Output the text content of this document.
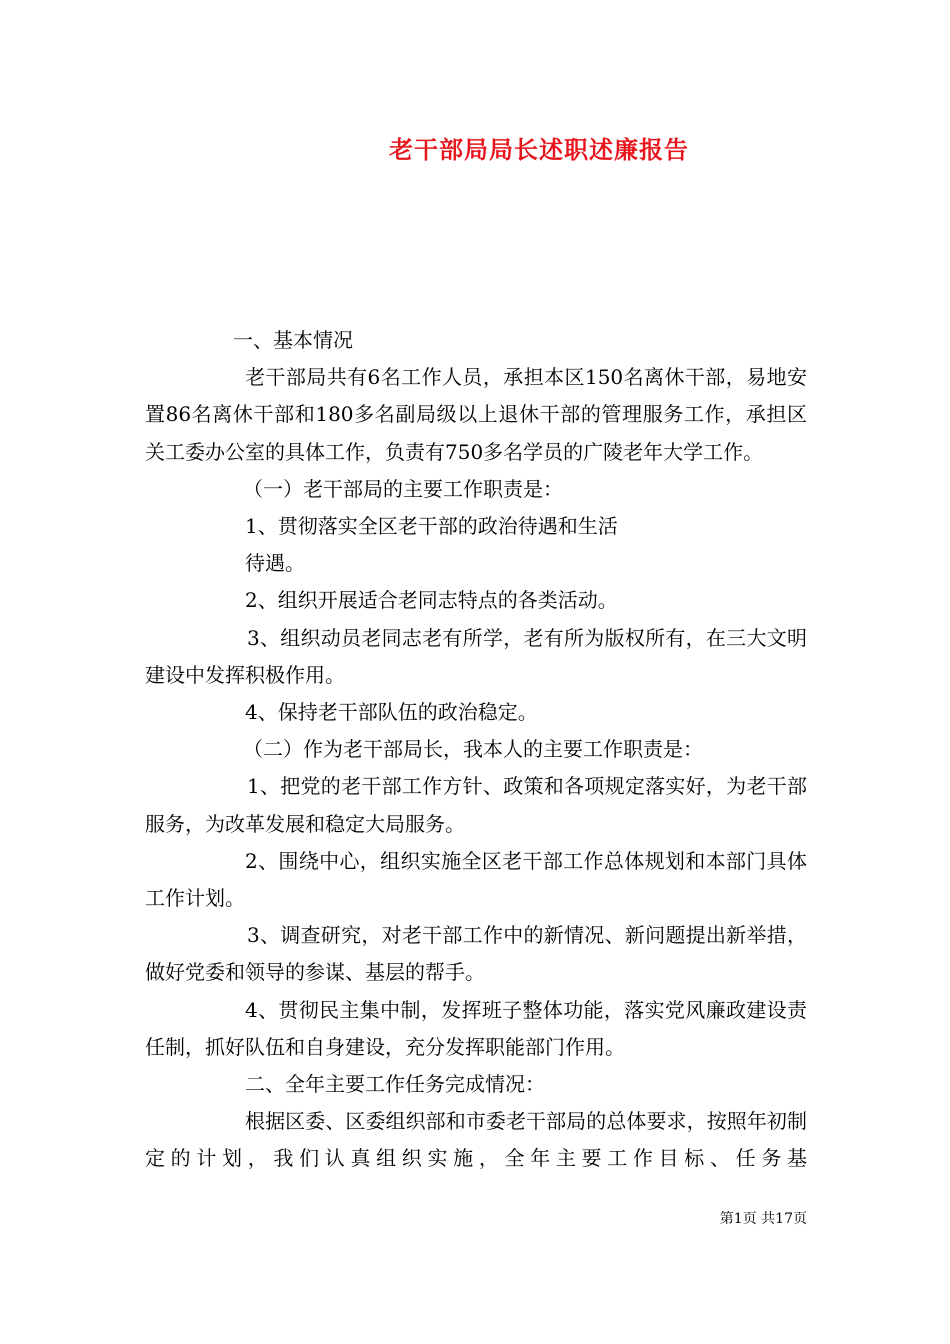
老干部局局长述职述廉报告

一、基本情况

老干部局共有6名工作人员，承担本区150名离休干部，易地安置86名离休干部和180多名副局级以上退休干部的管理服务工作，承担区关工委办公室的具体工作，负责有750多名学员的广陵老年大学工作。

（一）老干部局的主要工作职责是：

1、贯彻落实全区老干部的政治待遇和生活

待遇。

2、组织开展适合老同志特点的各类活动。

3、组织动员老同志老有所学，老有所为版权所有，在三大文明建设中发挥积极作用。

4、保持老干部队伍的政治稳定。

（二）作为老干部局长，我本人的主要工作职责是：

1、把党的老干部工作方针、政策和各项规定落实好，为老干部服务，为改革发展和稳定大局服务。

2、围绕中心，组织实施全区老干部工作总体规划和本部门具体工作计划。

3、调查研究，对老干部工作中的新情况、新问题提出新举措，做好党委和领导的参谋、基层的帮手。

4、贯彻民主集中制，发挥班子整体功能，落实党风廉政建设责任制，抓好队伍和自身建设，充分发挥职能部门作用。

二、全年主要工作任务完成情况：

根据区委、区委组织部和市委老干部局的总体要求，按照年初制定的计划，我们认真组织实施，全年主要工作目标、任务基

第1页 共17页
